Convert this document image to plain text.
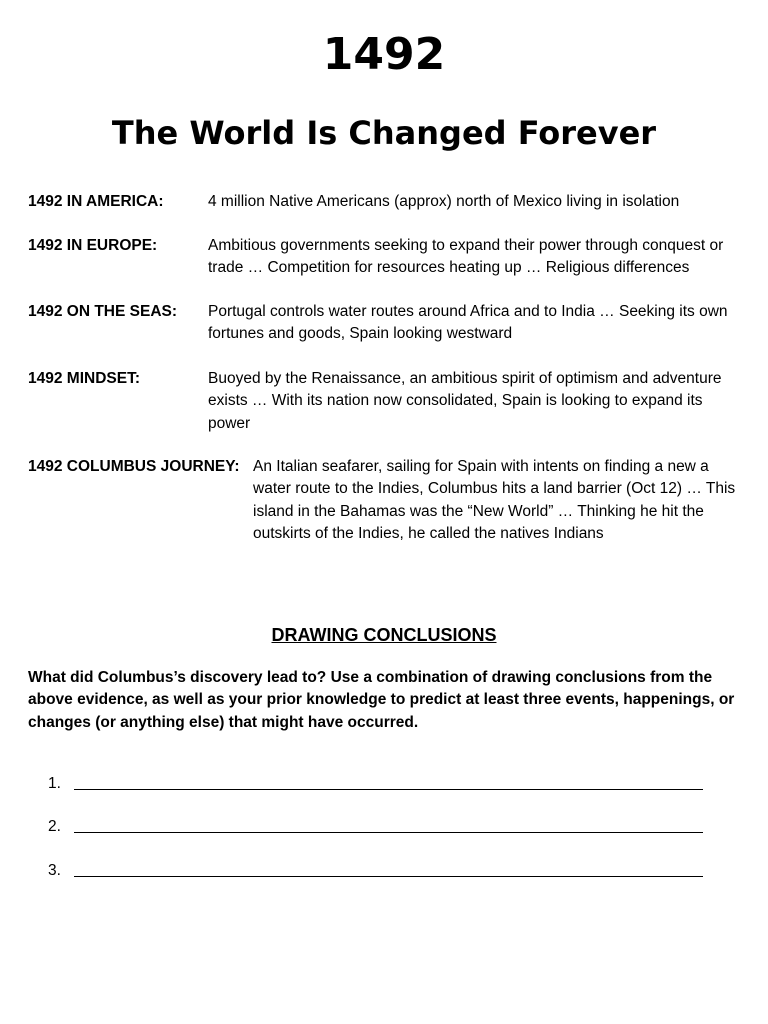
1492
The World Is Changed Forever
1492 IN AMERICA:	4 million Native Americans (approx) north of Mexico living in isolation
1492 IN EUROPE:	Ambitious governments seeking to expand their power through conquest or trade … Competition for resources heating up … Religious differences
1492 ON THE SEAS: Portugal controls water routes around Africa and to India … Seeking its own fortunes and goods, Spain looking westward
1492 MINDSET:	Buoyed by the Renaissance, an ambitious spirit of optimism and adventure exists … With its nation now consolidated, Spain is looking to expand its power
1492 COLUMBUS JOURNEY: An Italian seafarer, sailing for Spain with intents on finding a new a water route to the Indies, Columbus hits a land barrier (Oct 12) … This island in the Bahamas was the “New World” … Thinking he hit the outskirts of the Indies, he called the natives Indians
DRAWING CONCLUSIONS

What did Columbus’s discovery lead to? Use a combination of drawing conclusions from the above evidence, as well as your prior knowledge to predict at least three events, happenings, or changes (or anything else) that might have occurred.

1.
2.
3.
